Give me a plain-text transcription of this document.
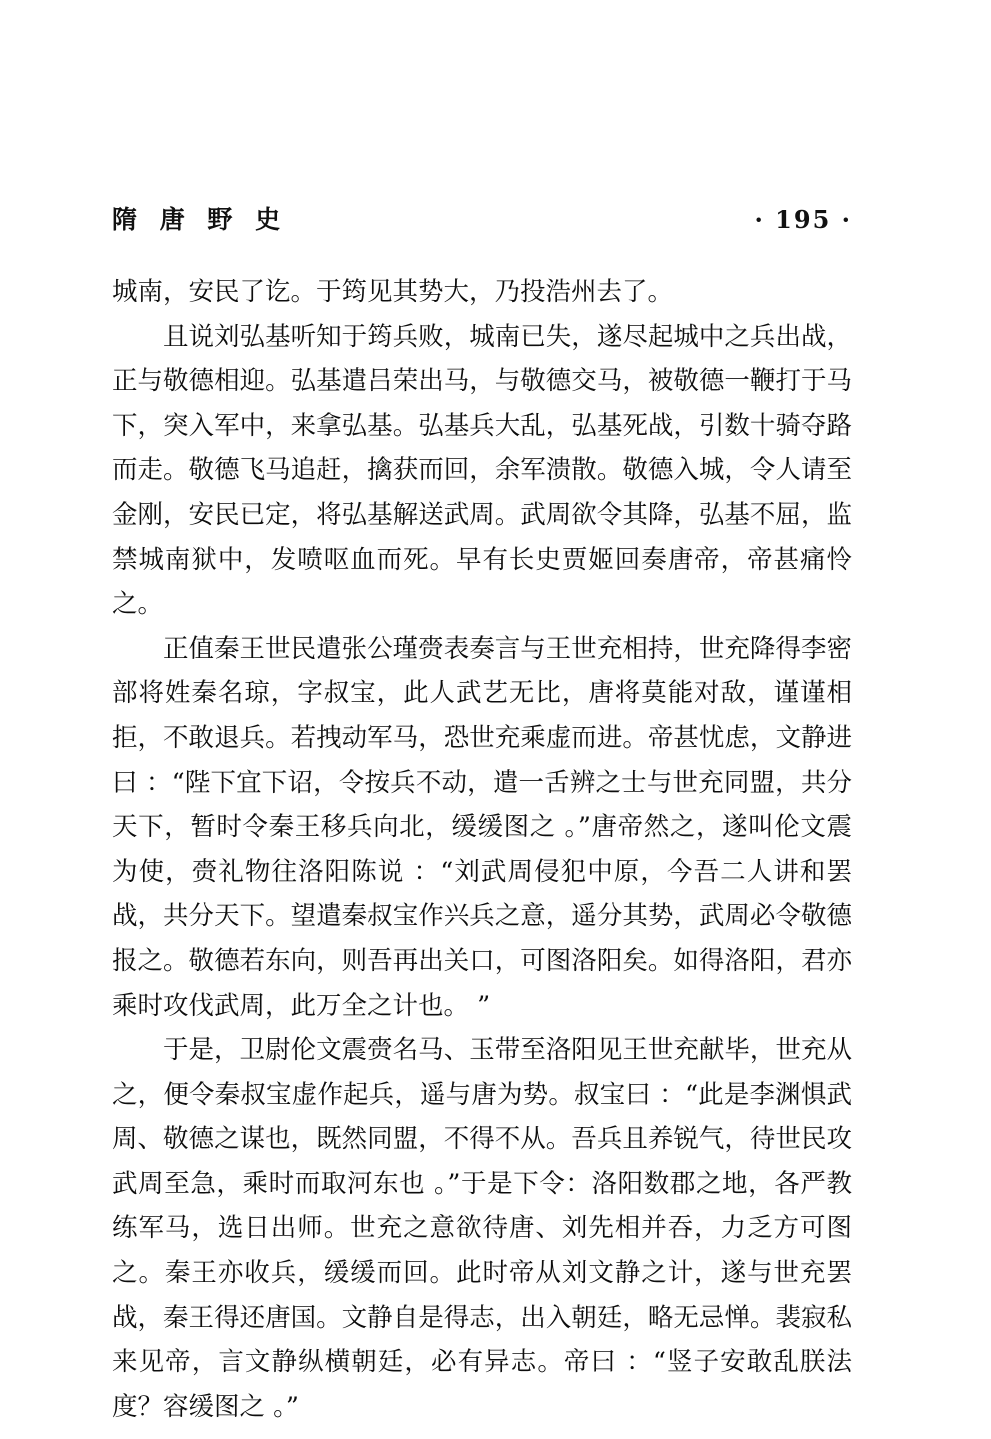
隋 唐 野 史	· 195 ·

城南，安民了讫。于筠见其势大，乃投浩州去了。

且说刘弘基听知于筠兵败，城南已失，遂尽起城中之兵出战，正与敬德相迎。弘基遣吕荣出马，与敬德交马，被敬德一鞭打于马下，突入军中，来拿弘基。弘基兵大乱，弘基死战，引数十骑夺路而走。敬德飞马追赶，擒获而回，余军溃散。敬德入城，令人请至金刚，安民已定，将弘基解送武周。武周欲令其降，弘基不屈，监禁城南狱中，发喷呕血而死。早有长史贾姬回奏唐帝，帝甚痛怜之。

正值秦王世民遣张公瑾赍表奏言与王世充相持，世充降得李密部将姓秦名琼，字叔宝，此人武艺无比，唐将莫能对敌，谨谨相拒，不敢退兵。若拽动军马，恐世充乘虚而进。帝甚忧虑，文静进曰 ：“陛下宜下诏，令按兵不动，遣一舌辨之士与世充同盟，共分天下，暂时令秦王移兵向北，缓缓图之 。”唐帝然之，遂叫伦文震为使，赍礼物往洛阳陈说 ：“刘武周侵犯中原，今吾二人讲和罢战，共分天下。望遣秦叔宝作兴兵之意，遥分其势，武周必令敬德报之。敬德若东向，则吾再出关口，可图洛阳矣。如得洛阳，君亦乘时攻伐武周，此万全之计也。 ”

于是，卫尉伦文震赍名马、玉带至洛阳见王世充献毕，世充从之，便令秦叔宝虚作起兵，遥与唐为势。叔宝曰 ：“此是李渊惧武周、敬德之谋也，既然同盟，不得不从。吾兵且养锐气，待世民攻武周至急，乘时而取河东也 。”于是下令：洛阳数郡之地，各严教练军马，选日出师。世充之意欲待唐、刘先相并吞，力乏方可图之。秦王亦收兵，缓缓而回。此时帝从刘文静之计，遂与世充罢战，秦王得还唐国。文静自是得志，出入朝廷，略无忌惮。裴寂私来见帝，言文静纵横朝廷，必有异志。帝曰 ：“竖子安敢乱朕法度？容缓图之 。”
